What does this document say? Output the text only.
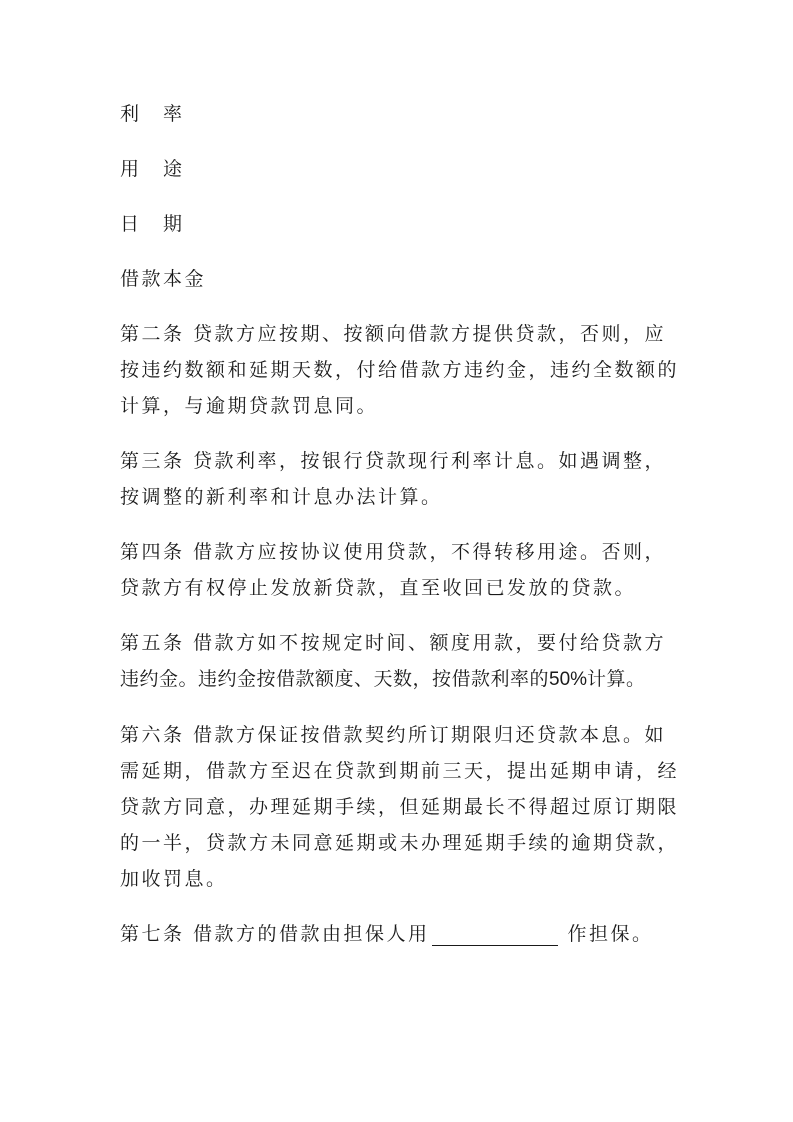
利 率

用 途

日 期

借款本金

第二条 贷款方应按期、按额向借款方提供贷款，否则，应

按违约数额和延期天数，付给借款方违约金，违约全数额的

计算，与逾期贷款罚息同。

第三条 贷款利率，按银行贷款现行利率计息。如遇调整，

按调整的新利率和计息办法计算。

第四条 借款方应按协议使用贷款，不得转移用途。否则，

贷款方有权停止发放新贷款，直至收回已发放的贷款。

第五条 借款方如不按规定时间、额度用款，要付给贷款方

违约金。违约金按借款额度、天数，按借款利率的50%计算。

第六条 借款方保证按借款契约所订期限归还贷款本息。如

需延期，借款方至迟在贷款到期前三天，提出延期申请，经

贷款方同意，办理延期手续，但延期最长不得超过原订期限

的一半，贷款方未同意延期或未办理延期手续的逾期贷款，

加收罚息。

第七条 借款方的借款由担保人用	作担保。
